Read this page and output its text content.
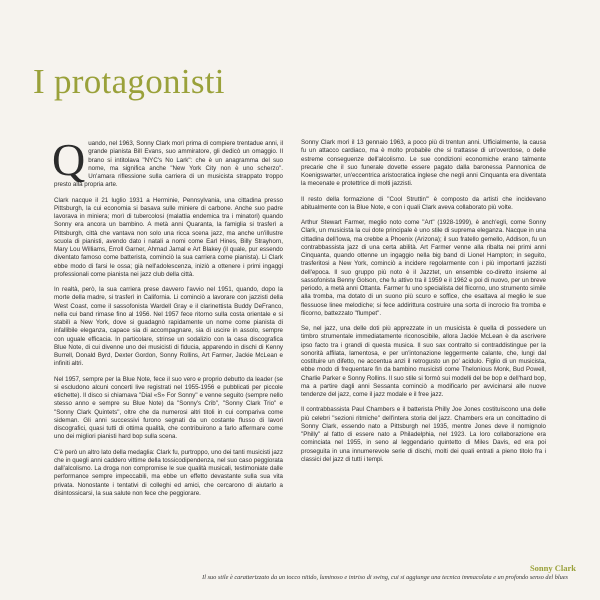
I protagonisti

Quando, nel 1963, Sonny Clark morì prima di compiere trentadue anni, il grande pianista Bill Evans, suo ammiratore, gli dedicò un omaggio. Il brano si intitolava "NYC's No Lark": che è un anagramma del suo nome, ma significa anche "New York City non è uno scherzo". Un'amara riflessione sulla carriera di un musicista strappato troppo presto alla propria arte.

Clark nacque il 21 luglio 1931 a Herminie, Pennsylvania, una cittadina presso Pittsburgh, la cui economia si basava sulle miniere di carbone. Anche suo padre lavorava in miniera; morì di tubercolosi (malattia endemica tra i minatori) quando Sonny era ancora un bambino. A metà anni Quaranta, la famiglia si trasferì a Pittsburgh, città che vantava non solo una ricca scena jazz, ma anche un'illustre scuola di pianisti, avendo dato i natali a nomi come Earl Hines, Billy Strayhorn, Mary Lou Williams, Erroll Garner, Ahmad Jamal e Art Blakey (il quale, pur essendo diventato famoso come batterista, cominciò la sua carriera come pianista). Li Clark ebbe modo di farsi le ossa; già nell'adolescenza, iniziò a ottenere i primi ingaggi professionali come pianista nei jazz club della città.

In realtà, però, la sua carriera prese davvero l'avvio nel 1951, quando, dopo la morte della madre, si trasferì in California. Li cominciò a lavorare con jazzisti della West Coast, come il sassofonista Wardell Gray e il clarinettista Buddy DeFranco, nella cui band rimase fino al 1956. Nel 1957 fece ritorno sulla costa orientale e si stabilì a New York, dove si guadagnò rapidamente un nome come pianista di infallibile eleganza, capace sia di accompagnare, sia di uscire in assolo, sempre con uguale efficacia. In particolare, strinse un sodalizio con la casa discografica Blue Note, di cui divenne uno dei musicisti di fiducia, apparendo in dischi di Kenny Burrell, Donald Byrd, Dexter Gordon, Sonny Rollins, Art Farmer, Jackie McLean e infiniti altri.

Nel 1957, sempre per la Blue Note, fece il suo vero e proprio debutto da leader (se si escludono alcuni concerti live registrati nel 1955-1956 e pubblicati per piccole etichette). Il disco si chiamava "Dial «S» For Sonny" e venne seguito (sempre nello stesso anno e sempre su Blue Note) da "Sonny's Crib", "Sonny Clark Trio" e "Sonny Clark Quintets", oltre che da numerosi altri titoli in cui compariva come sideman. Gli anni successivi furono segnati da un costante flusso di lavori discografici, quasi tutti di ottima qualità, che contribuirono a farlo affermare come uno dei migliori pianisti hard bop sulla scena.

C'è però un altro lato della medaglia: Clark fu, purtroppo, uno dei tanti musicisti jazz che in quegli anni caddero vittime della tossicodipendenza, nel suo caso peggiorata dall'alcolismo. La droga non compromise le sue qualità musicali, testimoniate dalle performance sempre impeccabili, ma ebbe un effetto devastante sulla sua vita privata. Nonostante i tentativi di colleghi ed amici, che cercarono di aiutarlo a disintossicarsi, la sua salute non fece che peggiorare.

Sonny Clark morì il 13 gennaio 1963, a poco più di trentun anni. Ufficialmente, la causa fu un attacco cardiaco, ma è molto probabile che si trattasse di un'overdose, o delle estreme conseguenze dell'alcolismo. Le sue condizioni economiche erano talmente precarie che il suo funerale dovette essere pagato dalla baronessa Pannonica de Koenigswarter, un'eccentrica aristocratica inglese che negli anni Cinquanta era diventata la mecenate e protettrice di molti jazzisti.

Il resto della formazione di "Cool Struttin'" è composto da artisti che incidevano abitualmente con la Blue Note, e con i quali Clark aveva collaborato più volte.

Arthur Stewart Farmer, meglio noto come "Art" (1928-1999), è anch'egli, come Sonny Clark, un musicista la cui dote principale è uno stile di suprema eleganza. Nacque in una cittadina dell'Iowa, ma crebbe a Phoenix (Arizona); il suo fratello gemello, Addison, fu un contrabbassista jazz di una certa abilità. Art Farmer venne alla ribalta nei primi anni Cinquanta, quando ottenne un ingaggio nella big band di Lionel Hampton; in seguito, trasferitosi a New York, cominciò a incidere regolarmente con i più importanti jazzisti dell'epoca. Il suo gruppo più noto è il Jazztet, un ensemble co-diretto insieme al sassofonista Benny Golson, che fu attivo tra il 1959 e il 1962 e poi di nuovo, per un breve periodo, a metà anni Ottanta. Farmer fu uno specialista del flicorno, uno strumento simile alla tromba, ma dotato di un suono più scuro e soffice, che esaltava al meglio le sue flessuose linee melodiche; si fece addirittura costruire una sorta di incrocio fra tromba e flicorno, battezzato "flumpet".

Se, nel jazz, una delle doti più apprezzate in un musicista è quella di possedere un timbro strumentale immediatamente riconoscibile, allora Jackie McLean è da ascrivere ipso facto tra i grandi di questa musica. Il suo sax contralto si contraddistingue per la sonorità affilata, lamentosa, e per un'intonazione leggermente calante, che, lungi dal costituire un difetto, ne accentua anzi il retrogusto un po' acidulo. Figlio di un musicista, ebbe modo di frequentare fin da bambino musicisti come Thelonious Monk, Bud Powell, Charlie Parker e Sonny Rollins. Il suo stile si formò sui modelli del be bop e dell'hard bop, ma a partire dagli anni Sessanta cominciò a modificarlo per avvicinarsi alle nuove tendenze del jazz, come il jazz modale e il free jazz.

Il contrabbassista Paul Chambers e il batterista Philly Joe Jones costituiscono una delle più celebri "sezioni ritmiche" dell'intera storia del jazz. Chambers era un concittadino di Sonny Clark, essendo nato a Pittsburgh nel 1935, mentre Jones deve il nomignolo "Philly" al fatto di essere nato a Philadelphia, nel 1923. La loro collaborazione era cominciata nel 1955, in seno al leggendario quintetto di Miles Davis, ed era poi proseguita in una innumerevole serie di dischi, molti dei quali entrati a pieno titolo fra i classici del jazz di tutti i tempi.

Sonny Clark
Il suo stile è caratterizzato da un tocco nitido, luminoso e intriso di swing, cui si aggiunge una tecnica immacolata e un profondo senso del blues
